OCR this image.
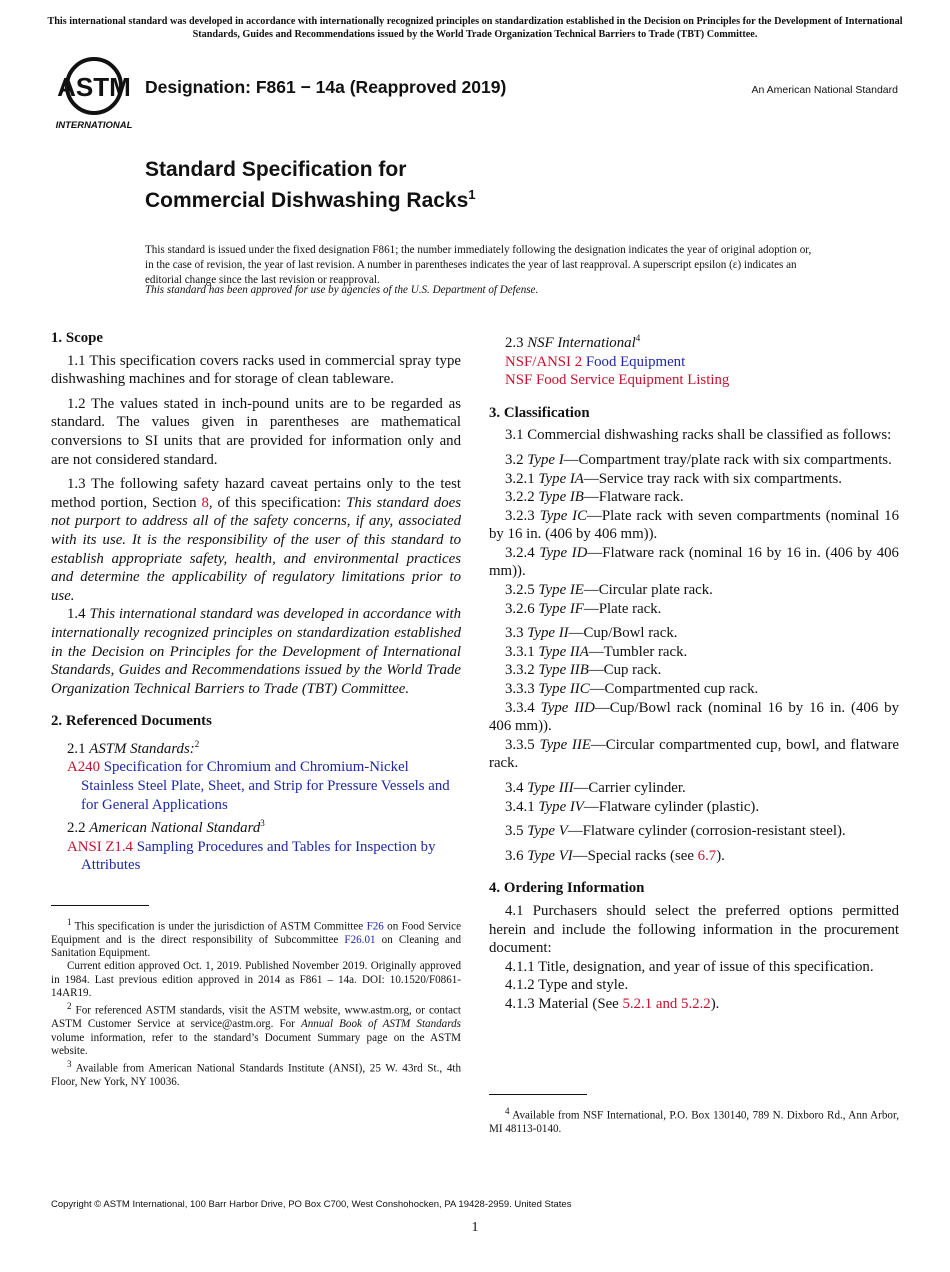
This international standard was developed in accordance with internationally recognized principles on standardization established in the Decision on Principles for the Development of International Standards, Guides and Recommendations issued by the World Trade Organization Technical Barriers to Trade (TBT) Committee.
ASTM
INTERNATIONAL
Designation: F861 − 14a (Reapproved 2019)	An American National Standard
Standard Specification for
Commercial Dishwashing Racks$^1$
This standard is issued under the fixed designation F861; the number immediately following the designation indicates the year of original adoption or, in the case of revision, the year of last revision. A number in parentheses indicates the year of last reapproval. A superscript epsilon (ε) indicates an editorial change since the last revision or reapproval.
This standard has been approved for use by agencies of the U.S. Department of Defense.
1. Scope

1.1 This specification covers racks used in commercial spray type dishwashing machines and for storage of clean tableware.

1.2 The values stated in inch-pound units are to be regarded as standard. The values given in parentheses are mathematical conversions to SI units that are provided for information only and are not considered standard.

1.3 The following safety hazard caveat pertains only to the test method portion, Section 8, of this specification: This standard does not purport to address all of the safety concerns, if any, associated with its use. It is the responsibility of the user of this standard to establish appropriate safety, health, and environmental practices and determine the applicability of regulatory limitations prior to use.

1.4 This international standard was developed in accordance with internationally recognized principles on standardization established in the Decision on Principles for the Development of International Standards, Guides and Recommendations issued by the World Trade Organization Technical Barriers to Trade (TBT) Committee.

2. Referenced Documents

2.1 ASTM Standards:$^2$

A240 Specification for Chromium and Chromium-Nickel Stainless Steel Plate, Sheet, and Strip for Pressure Vessels and for General Applications

2.2 American National Standard$^3$

ANSI Z1.4 Sampling Procedures and Tables for Inspection by Attributes

$^1$ This specification is under the jurisdiction of ASTM Committee F26 on Food Service Equipment and is the direct responsibility of Subcommittee F26.01 on Cleaning and Sanitation Equipment.

Current edition approved Oct. 1, 2019. Published November 2019. Originally approved in 1984. Last previous edition approved in 2014 as F861 – 14a. DOI: 10.1520/F0861-14AR19.

$^2$ For referenced ASTM standards, visit the ASTM website, www.astm.org, or contact ASTM Customer Service at service@astm.org. For Annual Book of ASTM Standards volume information, refer to the standard’s Document Summary page on the ASTM website.

$^3$ Available from American National Standards Institute (ANSI), 25 W. 43rd St., 4th Floor, New York, NY 10036.

2.3 NSF International$^4$

NSF/ANSI 2 Food Equipment

NSF Food Service Equipment Listing

3. Classification

3.1 Commercial dishwashing racks shall be classified as follows:

3.2 Type I—Compartment tray/plate rack with six compartments.

3.2.1 Type IA—Service tray rack with six compartments.

3.2.2 Type IB—Flatware rack.

3.2.3 Type IC—Plate rack with seven compartments (nominal 16 by 16 in. (406 by 406 mm)).

3.2.4 Type ID—Flatware rack (nominal 16 by 16 in. (406 by 406 mm)).

3.2.5 Type IE—Circular plate rack.

3.2.6 Type IF—Plate rack.

3.3 Type II—Cup/Bowl rack.

3.3.1 Type IIA—Tumbler rack.

3.3.2 Type IIB—Cup rack.

3.3.3 Type IIC—Compartmented cup rack.

3.3.4 Type IID—Cup/Bowl rack (nominal 16 by 16 in. (406 by 406 mm)).

3.3.5 Type IIE—Circular compartmented cup, bowl, and flatware rack.

3.4 Type III—Carrier cylinder.

3.4.1 Type IV—Flatware cylinder (plastic).

3.5 Type V—Flatware cylinder (corrosion-resistant steel).

3.6 Type VI—Special racks (see 6.7).

4. Ordering Information

4.1 Purchasers should select the preferred options permitted herein and include the following information in the procurement document:

4.1.1 Title, designation, and year of issue of this specification.

4.1.2 Type and style.

4.1.3 Material (See 5.2.1 and 5.2.2).

$^4$ Available from NSF International, P.O. Box 130140, 789 N. Dixboro Rd., Ann Arbor, MI 48113-0140.

Copyright © ASTM International, 100 Barr Harbor Drive, PO Box C700, West Conshohocken, PA 19428-2959. United States
1
